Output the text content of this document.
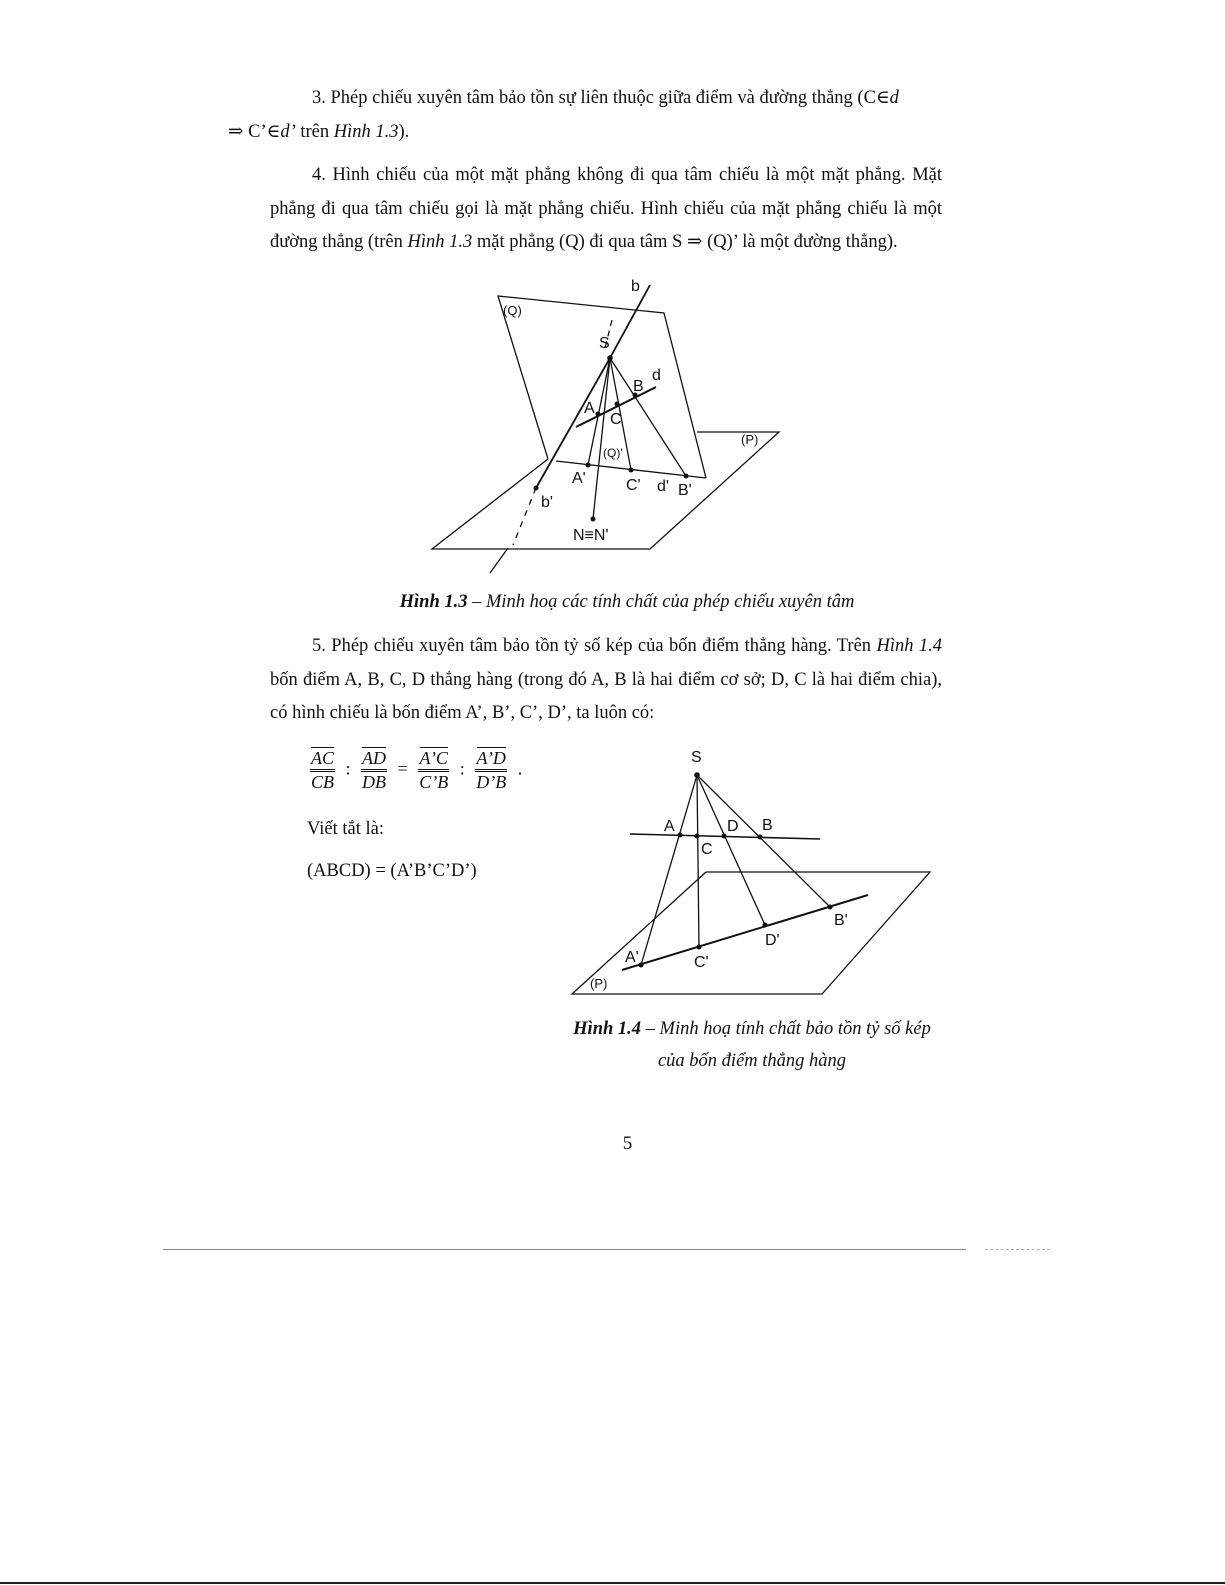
3. Phép chiếu xuyên tâm bảo tồn sự liên thuộc giữa điểm và đường thẳng (C∈d
⇒ C’∈d’ trên Hình 1.3).

4. Hình chiếu của một mặt phẳng không đi qua tâm chiếu là một mặt phẳng. Mặt phẳng đi qua tâm chiếu gọi là mặt phẳng chiếu. Hình chiếu của mặt phẳng chiếu là một đường thẳng (trên Hình 1.3 mặt phẳng (Q) đi qua tâm S ⇒ (Q)’ là một đường thẳng).

b
(Q)
S
d
B
A
C
(P)
(Q)'
A'	C' d' B'
b'
N≡N'

Hình 1.3 – Minh hoạ các tính chất của phép chiếu xuyên tâm

5. Phép chiếu xuyên tâm bảo tồn tỷ số kép của bốn điểm thẳng hàng. Trên Hình 1.4 bốn điểm A, B, C, D thẳng hàng (trong đó A, B là hai điểm cơ sở; D, C là hai điểm chia), có hình chiếu là bốn điểm A’, B’, C’, D’, ta luôn có:

$\frac{AC}{CB}$ : $\frac{AD}{DB} = \frac{A’C}{C’B}$ : $\frac{A’D}{D’B}$ .

Viết tắt là:

(ABCD) = (A’B’C’D’)

S
A	D B
C
A'	C'
D'
B'
(P)

Hình 1.4 – Minh hoạ tính chất bảo tồn tỷ số kép
của bốn điểm thẳng hàng

5
